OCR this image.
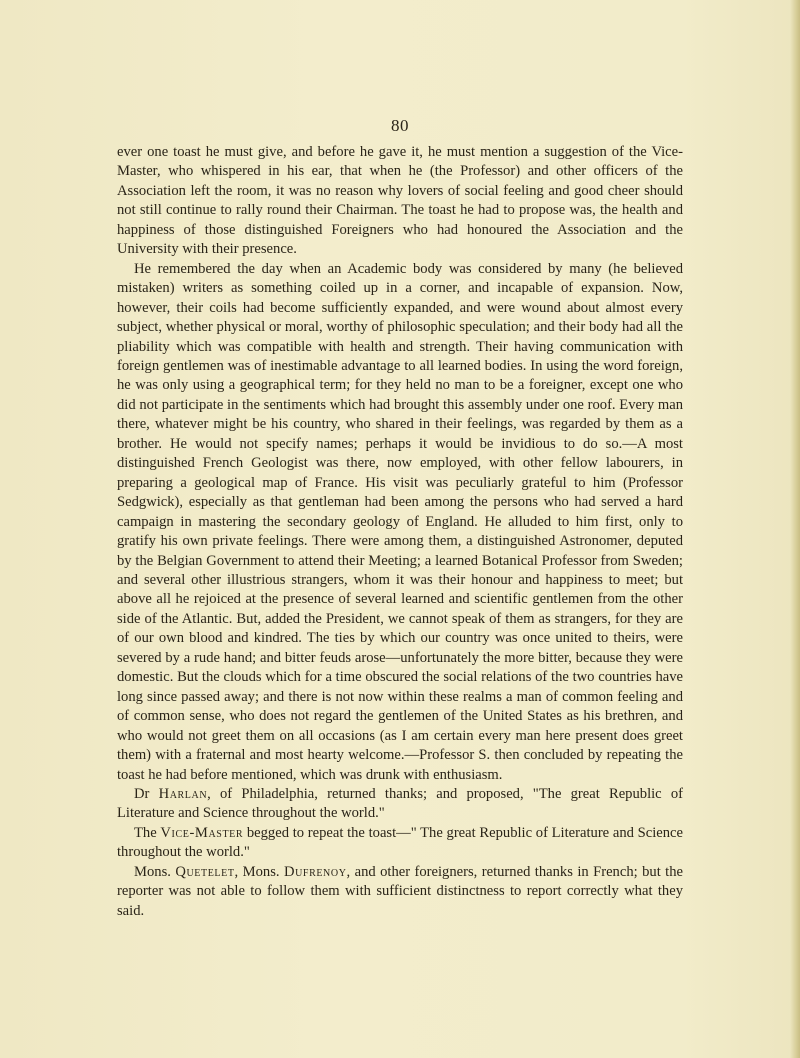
80

ever one toast he must give, and before he gave it, he must mention a suggestion of the Vice-Master, who whispered in his ear, that when he (the Professor) and other officers of the Association left the room, it was no reason why lovers of social feeling and good cheer should not still continue to rally round their Chairman. The toast he had to propose was, the health and happiness of those distinguished Foreigners who had honoured the Association and the University with their presence.

He remembered the day when an Academic body was considered by many (he believed mistaken) writers as something coiled up in a corner, and incapable of expansion. Now, however, their coils had become sufficiently expanded, and were wound about almost every subject, whether physical or moral, worthy of philosophic speculation; and their body had all the pliability which was compatible with health and strength. Their having communication with foreign gentlemen was of inestimable advantage to all learned bodies. In using the word foreign, he was only using a geographical term; for they held no man to be a foreigner, except one who did not participate in the sentiments which had brought this assembly under one roof. Every man there, whatever might be his country, who shared in their feelings, was regarded by them as a brother. He would not specify names; perhaps it would be invidious to do so.—A most distinguished French Geologist was there, now employed, with other fellow labourers, in preparing a geological map of France. His visit was peculiarly grateful to him (Professor Sedgwick), especially as that gentleman had been among the persons who had served a hard campaign in mastering the secondary geology of England. He alluded to him first, only to gratify his own private feelings. There were among them, a distinguished Astronomer, deputed by the Belgian Government to attend their Meeting; a learned Botanical Professor from Sweden; and several other illustrious strangers, whom it was their honour and happiness to meet; but above all he rejoiced at the presence of several learned and scientific gentlemen from the other side of the Atlantic. But, added the President, we cannot speak of them as strangers, for they are of our own blood and kindred. The ties by which our country was once united to theirs, were severed by a rude hand; and bitter feuds arose—unfortunately the more bitter, because they were domestic. But the clouds which for a time obscured the social relations of the two countries have long since passed away; and there is not now within these realms a man of common feeling and of common sense, who does not regard the gentlemen of the United States as his brethren, and who would not greet them on all occasions (as I am certain every man here present does greet them) with a fraternal and most hearty welcome.—Professor S. then concluded by repeating the toast he had before mentioned, which was drunk with enthusiasm.

Dr Harlan, of Philadelphia, returned thanks; and proposed, "The great Republic of Literature and Science throughout the world."

The Vice-Master begged to repeat the toast—" The great Republic of Literature and Science throughout the world."

Mons. Quetelet, Mons. Dufrenoy, and other foreigners, returned thanks in French; but the reporter was not able to follow them with sufficient distinctness to report correctly what they said.
